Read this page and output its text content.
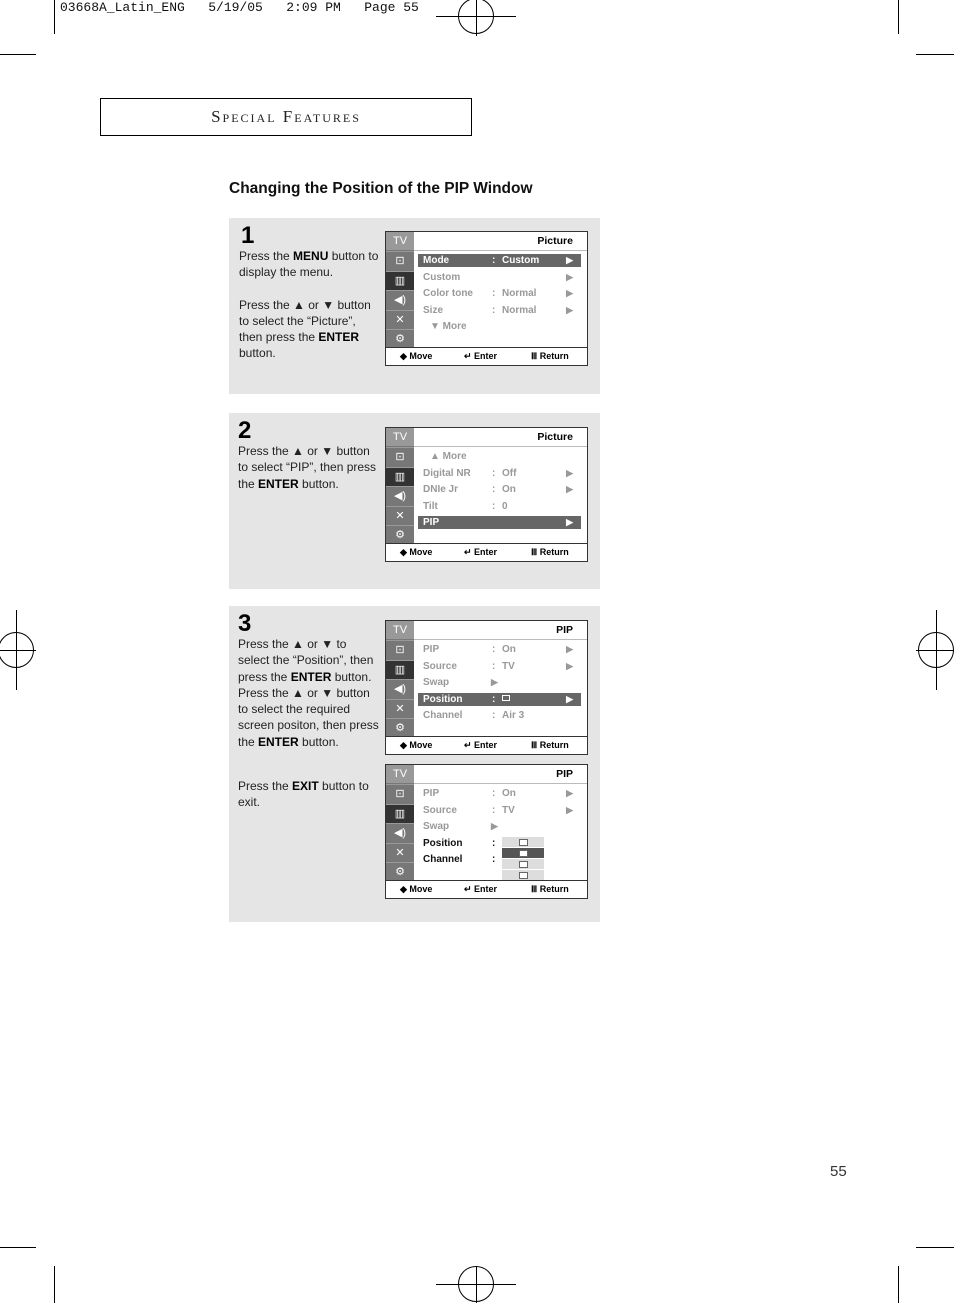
03668A_Latin_ENG   5/19/05   2:09 PM   Page 55
Special Features
Changing the Position of the PIP Window
1

Press the MENU button to display the menu.

Press the ▲ or ▼ button to select the “Picture”, then press the ENTER button.

TV
⊡
▥
◀)
✕
⚙
Picture
Mode	: Custom	▶
Custom	▶
Color tone : Normal	▶
Size	: Normal	▶
▼ More
◆ Move	↵ Enter	Ⅲ Return
2

Press the ▲ or ▼ button to select “PIP”, then press the ENTER button.

TV
⊡
▥
◀)
✕
⚙
Picture
▲ More
Digital NR : Off	▶
DNIe Jr	: On	▶
Tilt	: 0
PIP	▶
◆ Move	↵ Enter	Ⅲ Return
3

Press the ▲ or ▼ to select the “Position”, then press the ENTER button. Press the ▲ or ▼ button to select the required screen positon, then press the ENTER button.

Press the EXIT button to exit.

TV
⊡
▥
◀)
✕
⚙
PIP
PIP	: On	▶
Source	: TV	▶
Swap	▶
Position	:	▶
Channel	: Air 3
◆ Move	↵ Enter	Ⅲ Return
TV
⊡
▥
◀)
✕
⚙
PIP
PIP	: On	▶
Source	: TV	▶
Swap	▶
Position	:
Channel	:
◆ Move	↵ Enter	Ⅲ Return
55
